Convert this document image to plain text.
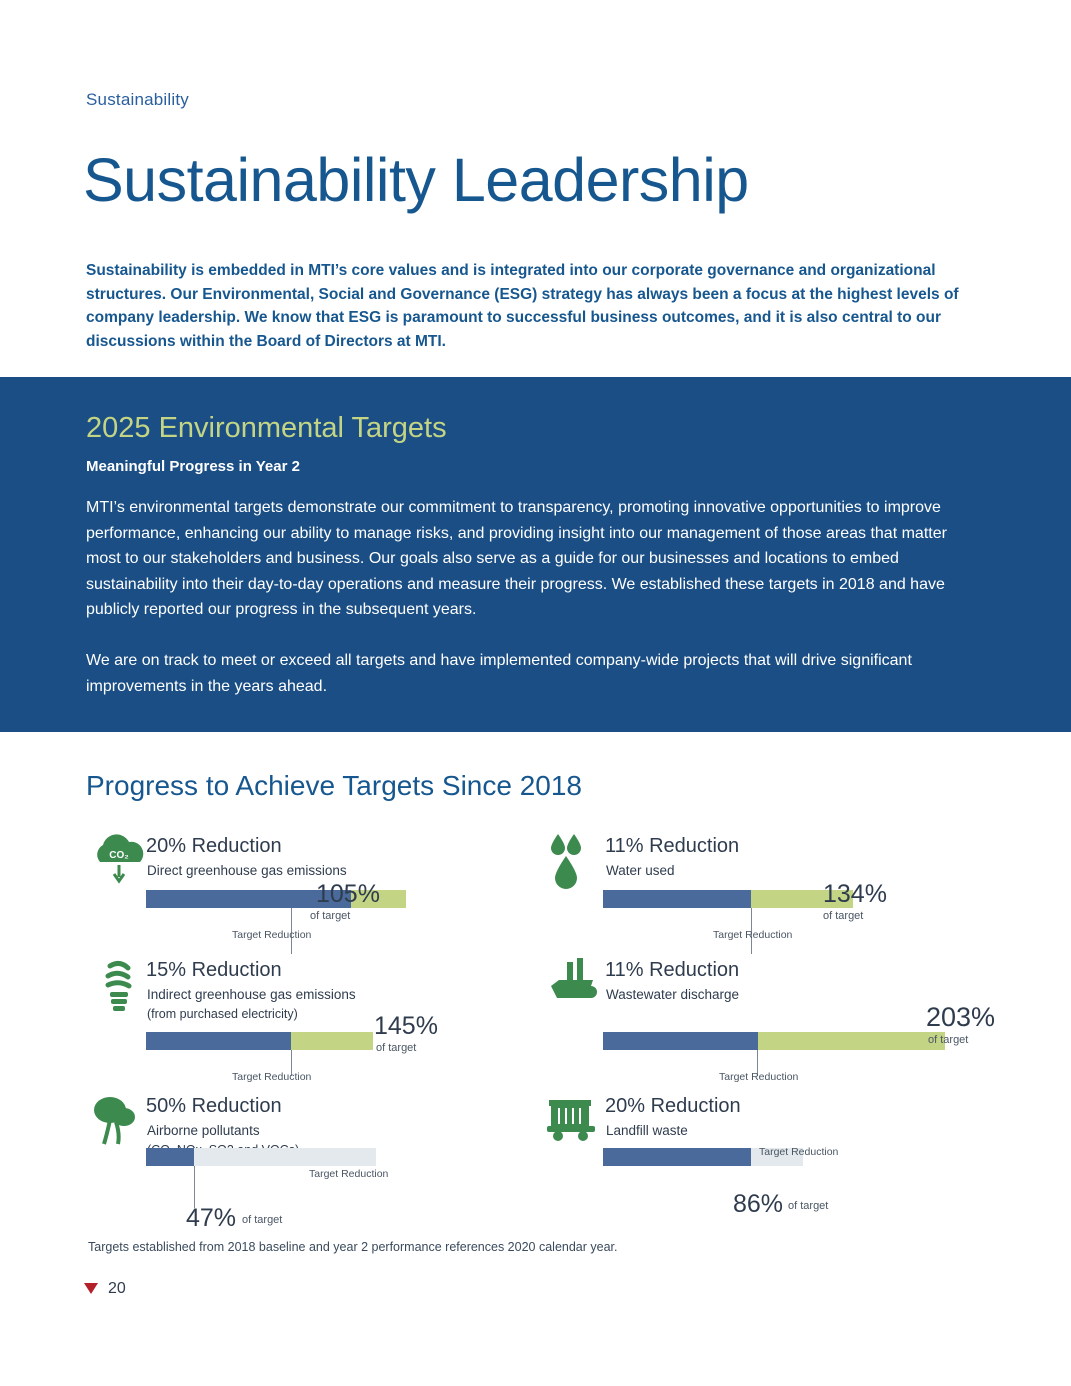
Sustainability
Sustainability Leadership
Sustainability is embedded in MTI’s core values and is integrated into our corporate governance and organizational structures. Our Environmental, Social and Governance (ESG) strategy has always been a focus at the highest levels of company leadership. We know that ESG is paramount to successful business outcomes, and it is also central to our discussions within the Board of Directors at MTI.
2025 Environmental Targets
Meaningful Progress in Year 2
MTI’s environmental targets demonstrate our commitment to transparency, promoting innovative opportunities to improve performance, enhancing our ability to manage risks, and providing insight into our management of those areas that matter most to our stakeholders and business. Our goals also serve as a guide for our businesses and locations to embed sustainability into their day-to-day operations and measure their progress. We established these targets in 2018 and have publicly reported our progress in the subsequent years.
We are on track to meet or exceed all targets and have implemented company-wide projects that will drive significant improvements in the years ahead.
Progress to Achieve Targets Since 2018
CO₂ 20% Reduction
Direct greenhouse gas emissions
Target Reduction
105%
of target
15% Reduction
Indirect greenhouse gas emissions
(from purchased electricity)
Target Reduction
145%
of target
50% Reduction
Airborne pollutants
Target Reduction
47% of target
11% Reduction
Water used
Target Reduction
134%
of target
11% Reduction
Wastewater discharge
Target Reduction
203%
of target
20% Reduction
Landfill waste
Target Reduction
86% of target
Targets established from 2018 baseline and year 2 performance references 2020 calendar year.
20
